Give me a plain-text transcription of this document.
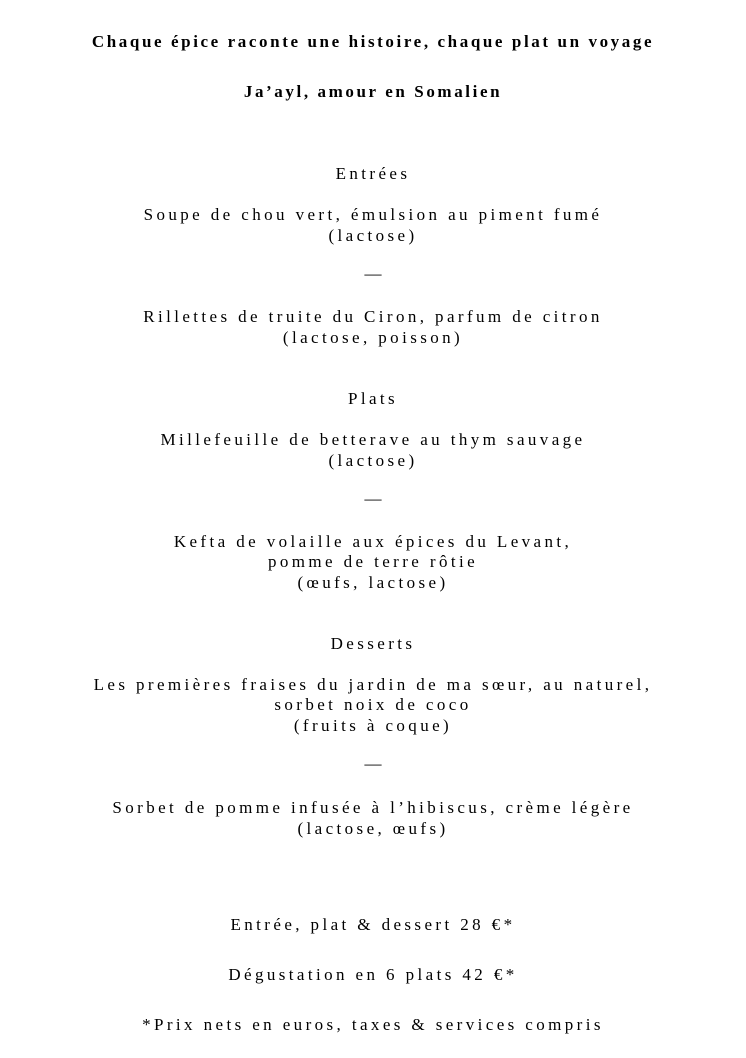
Chaque épice raconte une histoire, chaque plat un voyage
Ja’ayl, amour en Somalien
Entrées
Soupe de chou vert, émulsion au piment fumé
(lactose)
—
Rillettes de truite du Ciron, parfum de citron
(lactose, poisson)
Plats
Millefeuille de betterave au thym sauvage
(lactose)
—
Kefta de volaille aux épices du Levant,
pomme de terre rôtie
(œufs, lactose)
Desserts
Les premières fraises du jardin de ma sœur, au naturel,
sorbet noix de coco
(fruits à coque)
—
Sorbet de pomme infusée à l’hibiscus, crème légère
(lactose, œufs)
Entrée, plat & dessert 28 €*
Dégustation en 6 plats 42 €*
*Prix nets en euros, taxes & services compris
